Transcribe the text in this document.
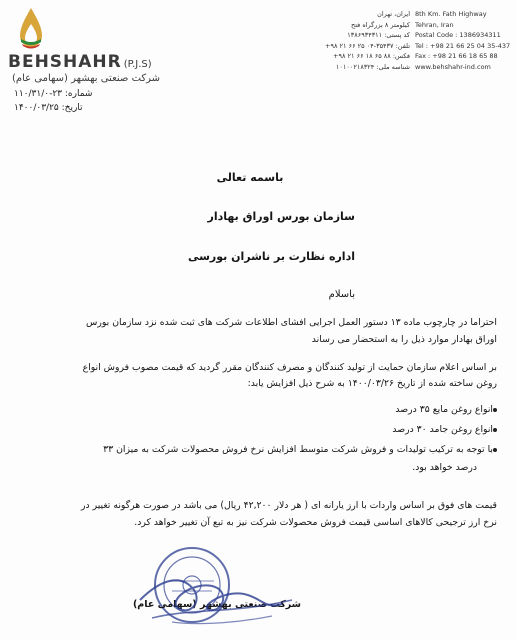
BEHSHAHR (P.J.S)
شرکت صنعتی بهشهر (سهامی عام)
شماره: ۲۳-۱۱۰/۳۱/۰
تاریخ: ۱۴۰۰/۰۳/۲۵
ایران، تهران
کیلومتر ۸ بزرگراه فتح
کد پستی: ۱۳۸۶۹۳۴۳۱۱
تلفن: ۳۵۴۳۷-۰۴ ۲۵ ۶۶ ۲۱ ۹۸+
فکس: ۸۸ ۶۵ ۱۸ ۶۶ ۲۱ ۹۸+
شناسه ملی: ۱۰۱۰۰۲۱۸۳۲۴
8th Km. Fath Highway
Tehran, Iran
Postal Code : 1386934311
Tel : +98 21 66 25 04 35-437
Fax : +98 21 66 18 65 88
www.behshahr-ind.com
باسمه تعالی
سازمان بورس اوراق بهادار
اداره نظارت بر ناشران بورسی
باسلام
احتراما در چارچوب ماده ۱۳ دستور العمل اجرایی افشای اطلاعات شرکت های ثبت شده نزد سازمان بورس
اوراق بهادار موارد ذیل را به استحضار می رساند
بر اساس اعلام سازمان حمایت از تولید کنندگان و مصرف کنندگان مقرر گردید که قیمت مصوب فروش انواع
روغن ساخته شده از تاریخ ۱۴۰۰/۰۳/۲۶ به شرح ذیل افزایش یابد:
انواع روغن مایع ۳۵ درصد
انواع روغن جامد ۳۰ درصد
با توجه به ترکیب تولیدات و فروش شرکت متوسط افزایش نرخ فروش محصولات شرکت به میزان ۳۳
درصد خواهد بود.
قیمت های فوق بر اساس واردات با ارز یارانه ای ( هر دلار ۴۲,۲۰۰ ریال) می باشد در صورت هرگونه تغییر در
نرخ ارز ترجیحی کالاهای اساسی قیمت فروش محصولات شرکت نیز به تبع آن تغییر خواهد کرد.
شرکت صنعتی بهشهر (سهامی عام)
